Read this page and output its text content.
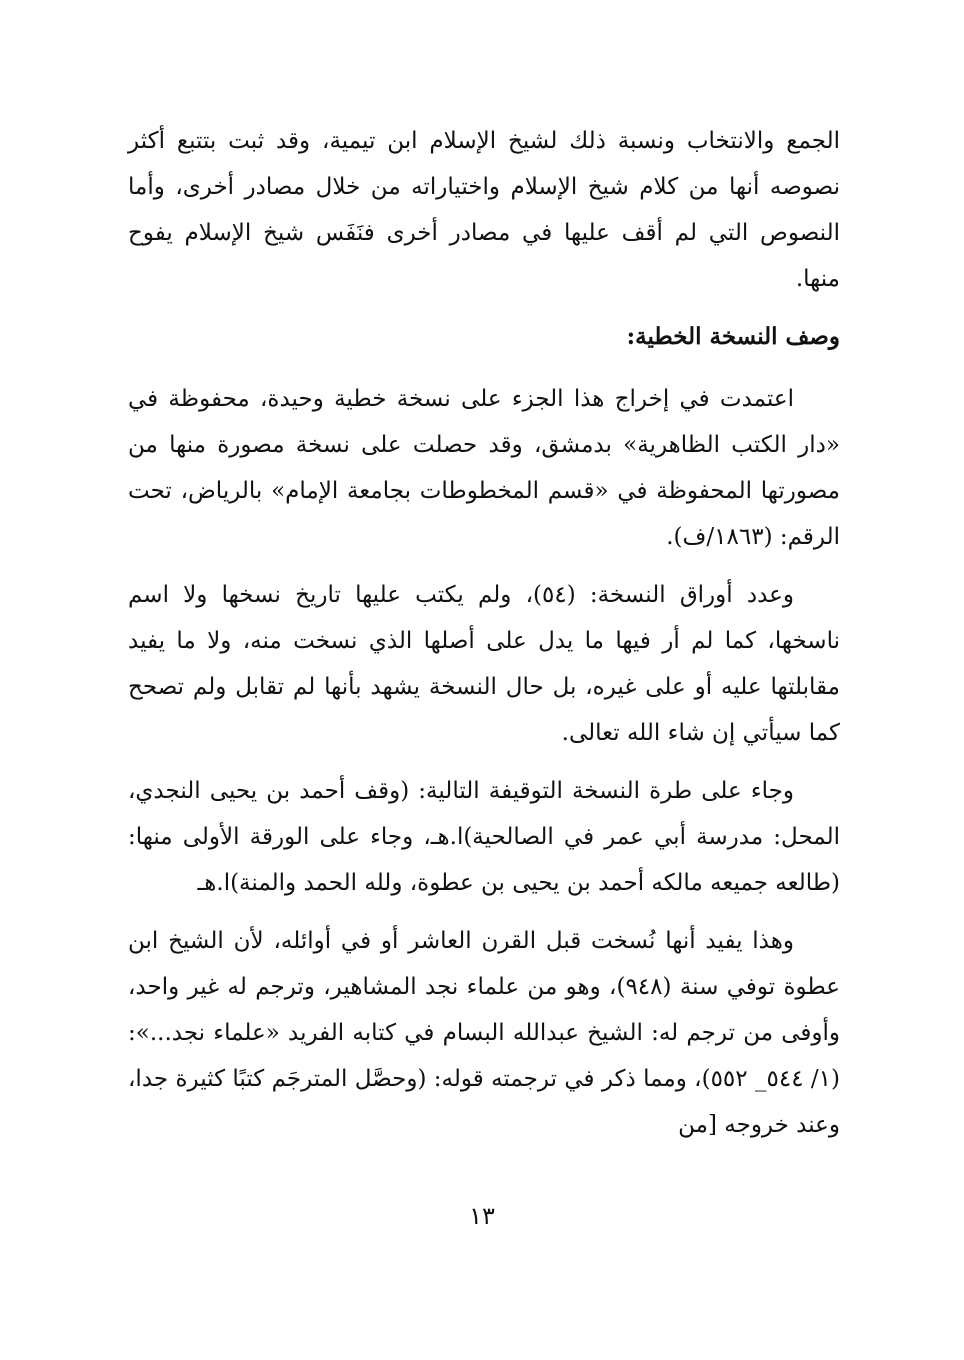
الجمع والانتخاب ونسبة ذلك لشيخ الإسلام ابن تيمية، وقد ثبت بتتبع أكثر نصوصه أنها من كلام شيخ الإسلام واختياراته من خلال مصادر أخرى، وأما النصوص التي لم أقف عليها في مصادر أخرى فنَفَس شيخ الإسلام يفوح منها.

وصف النسخة الخطية:

اعتمدت في إخراج هذا الجزء على نسخة خطية وحيدة، محفوظة في «دار الكتب الظاهرية» بدمشق، وقد حصلت على نسخة مصورة منها من مصورتها المحفوظة في «قسم المخطوطات بجامعة الإمام» بالرياض، تحت الرقم: (١٨٦٣/ف).

وعدد أوراق النسخة: (٥٤)، ولم يكتب عليها تاريخ نسخها ولا اسم ناسخها، كما لم أر فيها ما يدل على أصلها الذي نسخت منه، ولا ما يفيد مقابلتها عليه أو على غيره، بل حال النسخة يشهد بأنها لم تقابل ولم تصحح كما سيأتي إن شاء الله تعالى.

وجاء على طرة النسخة التوقيفة التالية: (وقف أحمد بن يحيى النجدي، المحل: مدرسة أبي عمر في الصالحية)ا.هـ، وجاء على الورقة الأولى منها: (طالعه جميعه مالكه أحمد بن يحيى بن عطوة، ولله الحمد والمنة)ا.هـ

وهذا يفيد أنها نُسخت قبل القرن العاشر أو في أوائله، لأن الشيخ ابن عطوة توفي سنة (٩٤٨)، وهو من علماء نجد المشاهير، وترجم له غير واحد، وأوفى من ترجم له: الشيخ عبدالله البسام في كتابه الفريد «علماء نجد...»: (١/ ٥٤٤_ ٥٥٢)، ومما ذكر في ترجمته قوله: (وحصَّل المترجَم كتبًا كثيرة جدا، وعند خروجه [من

١٣
